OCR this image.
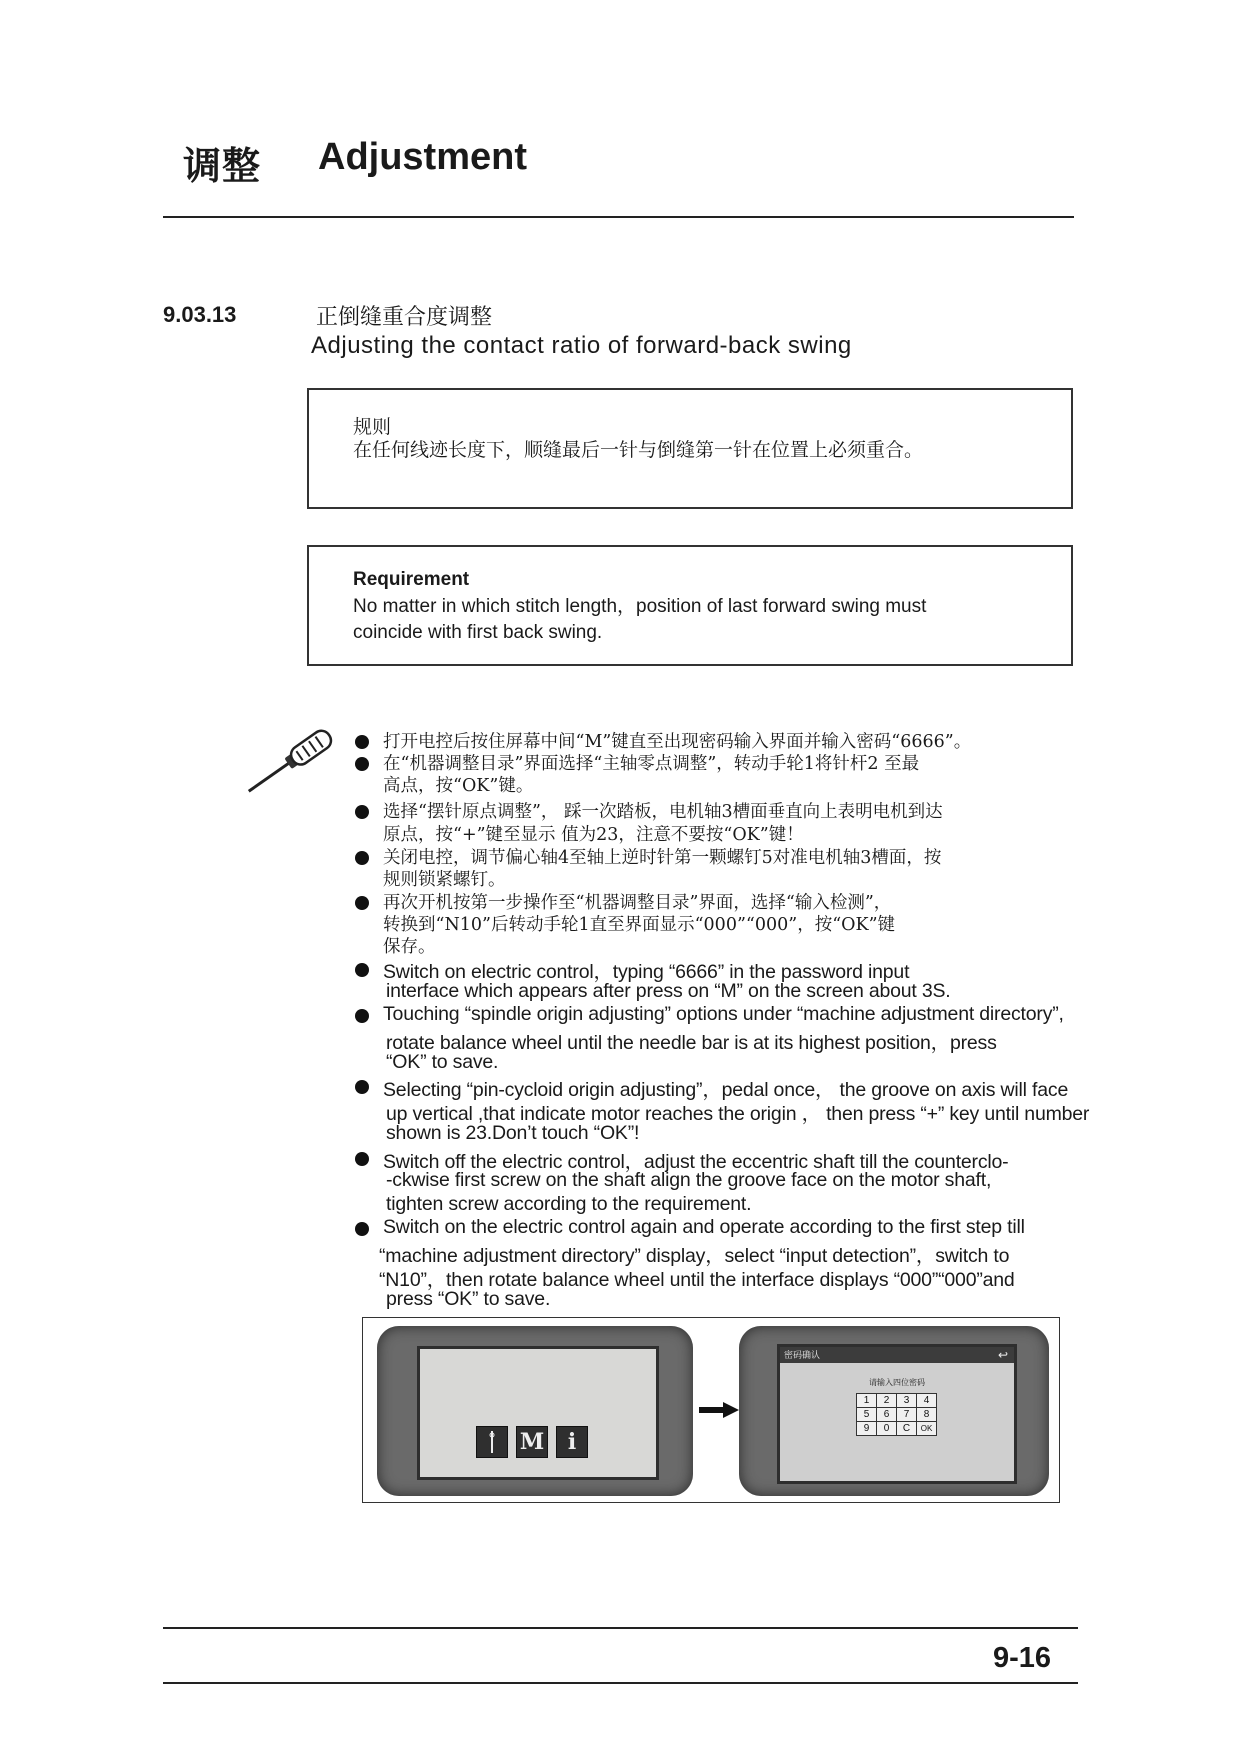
调整 Adjustment
9.03.13	正倒缝重合度调整
Adjusting the contact ratio of forward-back swing
规则
在任何线迹长度下，顺缝最后一针与倒缝第一针在位置上必须重合。
Requirement
No matter in which stitch length，position of last forward swing must
coincide with first back swing.
打开电控后按住屏幕中间“M”键直至出现密码输入界面并输入密码“6666”。
在“机器调整目录”界面选择“主轴零点调整”，转动手轮1将针杆2 至最
高点，按“OK”键。
选择“摆针原点调整”， 踩一次踏板，电机轴3槽面垂直向上表明电机到达
原点，按“+”键至显示 值为23，注意不要按“OK”键！
关闭电控，调节偏心轴4至轴上逆时针第一颗螺钉5对准电机轴3槽面，按
规则锁紧螺钉。
再次开机按第一步操作至“机器调整目录”界面，选择“输入检测”，
转换到“N10”后转动手轮1直至界面显示“000”“000”，按“OK”键
保存。
Switch on electric control，typing “6666” in the password input
interface which appears after press on “M” on the screen about 3S.
Touching “spindle origin adjusting” options under “machine adjustment directory”,
rotate balance wheel until the needle bar is at its highest position，press
“OK” to save.
Selecting “pin-cycloid origin adjusting”，pedal once， the groove on axis will face
up vertical ,that indicate motor reaches the origin ， then press “+” key until number
shown is 23.Don’t touch “OK”!
Switch off the electric control，adjust the eccentric shaft till the counterclo-
-ckwise first screw on the shaft align the groove face on the motor shaft,
tighten screw according to the requirement.
Switch on the electric control again and operate according to the first step till
“machine adjustment directory” display，select “input detection”，switch to
“N10”，then rotate balance wheel until the interface displays “000”“000”and
press “OK” to save.
M	i
密码确认	↩
请输入四位密码
1	2	3	4
5	6	7	8
9	0	C	OK
9-16
